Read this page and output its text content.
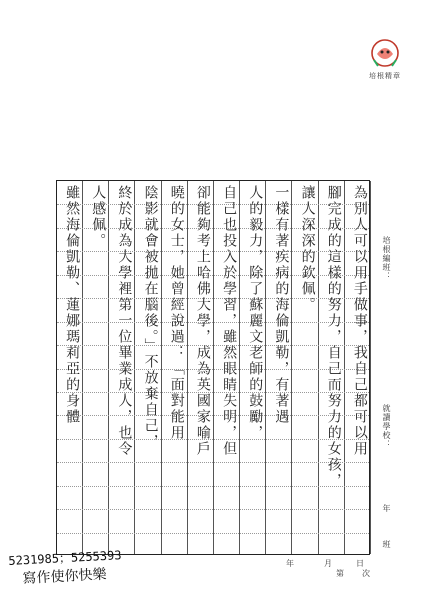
培根精章
培根編班：
就讀學校：
年
班
為別人可以用手做事，我自己都可以用
腳完成的這樣的努力，自己而努力的女孩，
讓人深深的欽佩。
一樣有著疾病的海倫凱勒，有著遇
人的毅力，除了蘇麗文老師的鼓勵，
自己也投入於學習，雖然眼睛失明，但
卻能夠考上哈佛大學，成為英國家喻戶
曉的女士，她曾經說過：「面對能用
陰影就會被拋在腦後。」不放棄自己，
終於成為大學裡第一位畢業成人，也令
人感佩。
雖然海倫凱勒、蓮娜瑪莉亞的身體
年	月	日
第 次
5231985；5255393
寫作使你快樂
